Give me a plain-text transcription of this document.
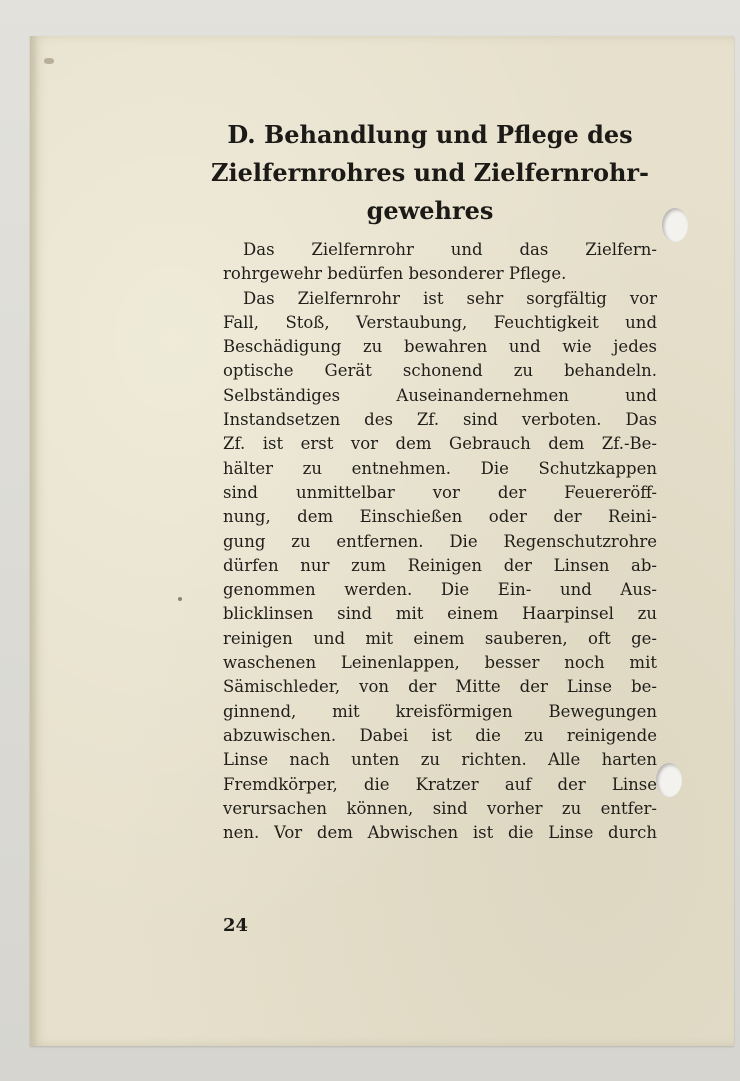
D. Behandlung und Pflege des
Zielfernrohres und Zielfernrohr-
gewehres
Das Zielfernrohr und das Zielfern-
rohrgewehr bedürfen besonderer Pflege.
Das Zielfernrohr ist sehr sorgfältig vor
Fall, Stoß, Verstaubung, Feuchtigkeit und
Beschädigung zu bewahren und wie jedes
optische Gerät schonend zu behandeln.
Selbständiges Auseinandernehmen und
Instandsetzen des Zf. sind verboten. Das
Zf. ist erst vor dem Gebrauch dem Zf.-Be-
hälter zu entnehmen. Die Schutzkappen
sind unmittelbar vor der Feuereröff-
nung, dem Einschießen oder der Reini-
gung zu entfernen. Die Regenschutzrohre
dürfen nur zum Reinigen der Linsen ab-
genommen werden. Die Ein- und Aus-
blicklinsen sind mit einem Haarpinsel zu
reinigen und mit einem sauberen, oft ge-
waschenen Leinenlappen, besser noch mit
Sämischleder, von der Mitte der Linse be-
ginnend, mit kreisförmigen Bewegungen
abzuwischen. Dabei ist die zu reinigende
Linse nach unten zu richten. Alle harten
Fremdkörper, die Kratzer auf der Linse
verursachen können, sind vorher zu entfer-
nen. Vor dem Abwischen ist die Linse durch
24
